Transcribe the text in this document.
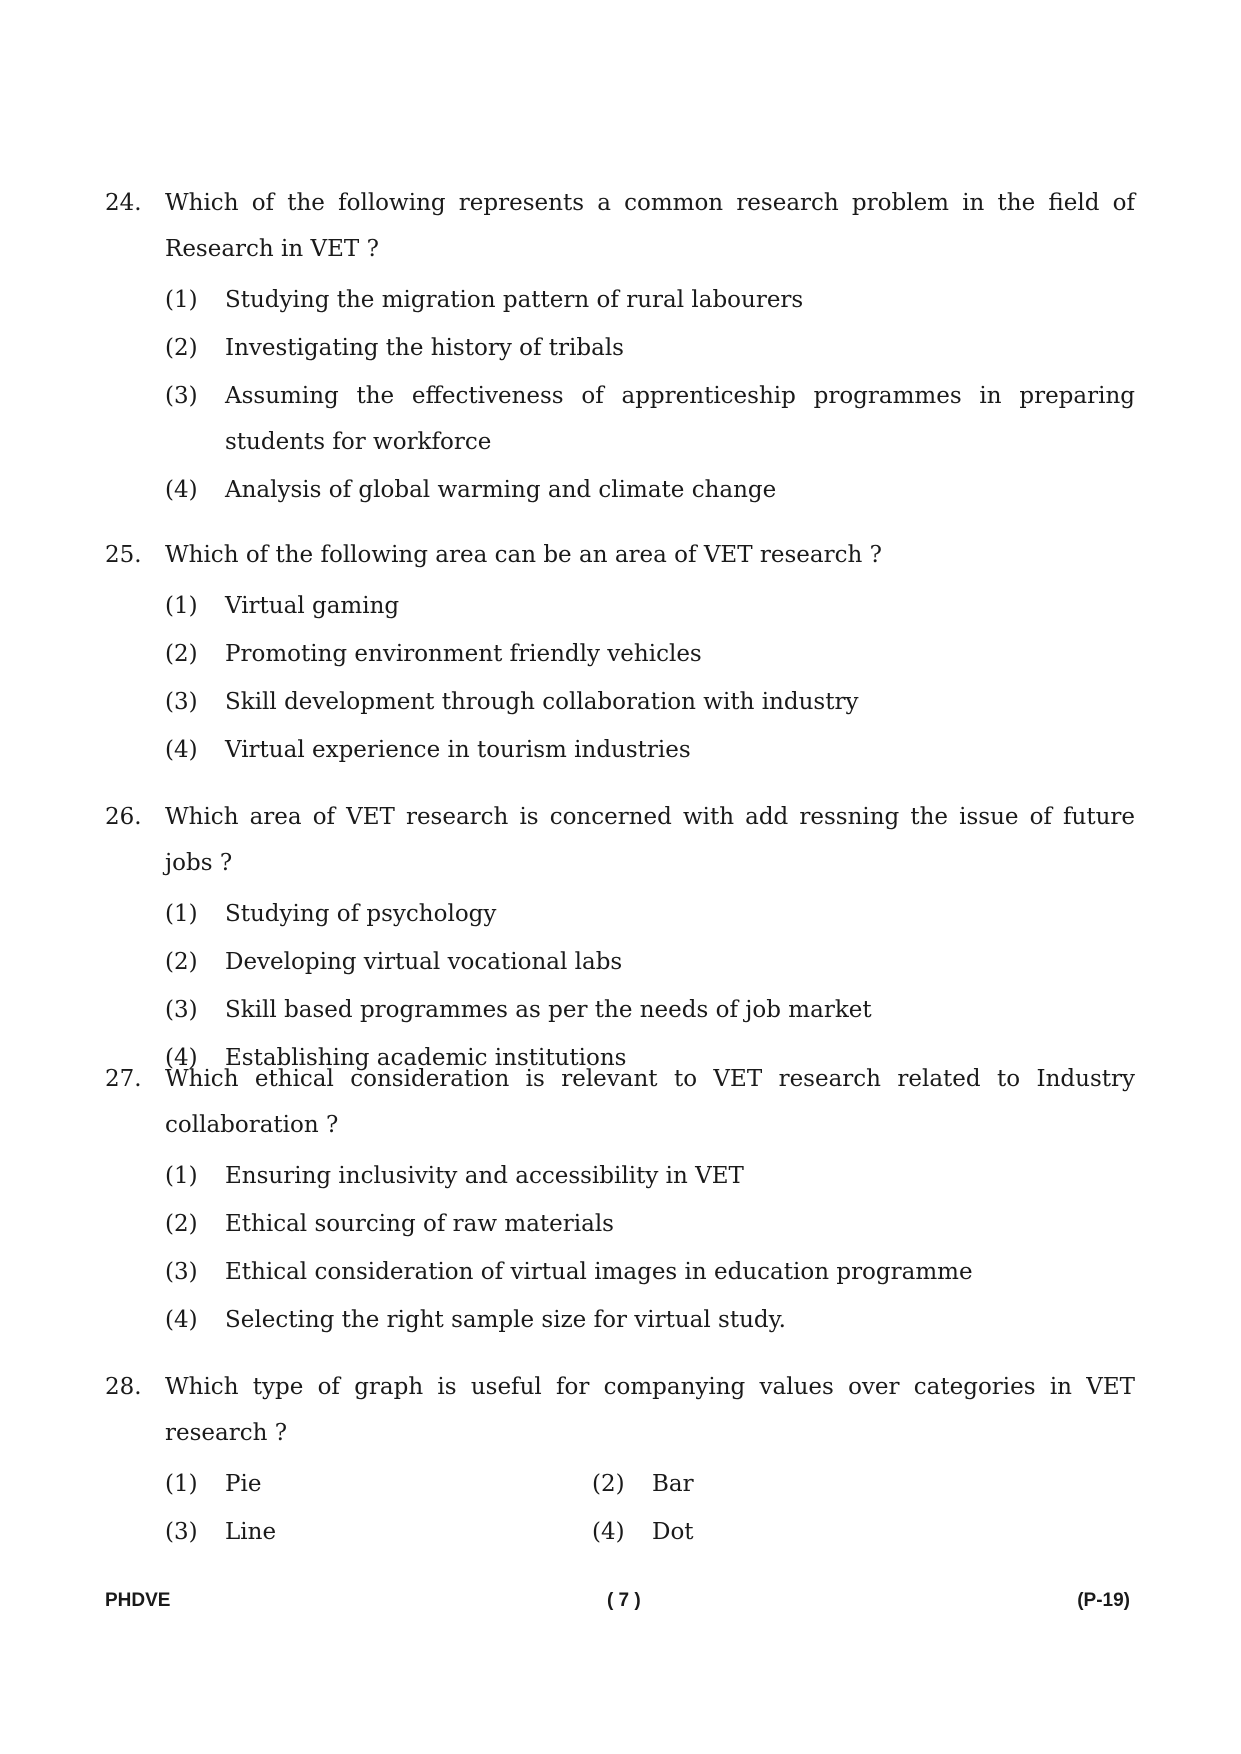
24.	Which of the following represents a common research problem in the field of Research in VET ?
(1)	Studying the migration pattern of rural labourers
(2)	Investigating the history of tribals
(3)	Assuming the effectiveness of apprenticeship programmes in preparing students for workforce
(4)	Analysis of global warming and climate change
25.	Which of the following area can be an area of VET research ?
(1)	Virtual gaming
(2)	Promoting environment friendly vehicles
(3)	Skill development through collaboration with industry
(4)	Virtual experience in tourism industries
26.	Which area of VET research is concerned with add ressning the issue of future jobs ?
(1)	Studying of psychology
(2)	Developing virtual vocational labs
(3)	Skill based programmes as per the needs of job market
(4)	Establishing academic institutions
27.	Which ethical consideration is relevant to VET research related to Industry collaboration ?
(1)	Ensuring inclusivity and accessibility in VET
(2)	Ethical sourcing of raw materials
(3)	Ethical consideration of virtual images in education programme
(4)	Selecting the right sample size for virtual study.
28.	Which type of graph is useful for companying values over categories in VET research ?
(1)	Pie	(2)	Bar
(3)	Line	(4)	Dot
PHDVE	( 7 )	(P-19)
